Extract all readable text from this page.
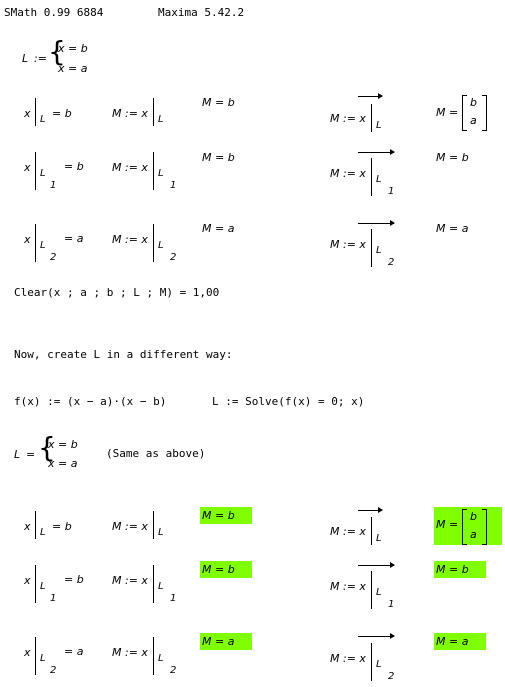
SMath 0.99 6884	Maxima 5.42.2
L := {
x = b
x = a
x L = b	M := x L
M = b
M := x
L
M =
b
a
x L
1
= b	M := x L
1
M = b
M := x L
1
M = b
x L
2
= a	M := x L
2
M = a
M := x L
2
M = a
Clear(x ; a ; b ; L ; M) = 1,00
Now, create L in a different way:
f(x) := (x − a)·(x − b)	L := Solve(f(x) = 0; x)
L = {
x = b
x = a
(Same as above)
x L = b	M := x L
M = b
M := x
L
M =
b
a
x L
1
= b	M := x L
1
M = b
M := x L
1
M = b
x L
2
= a	M := x L
2
M = a
M := x L
2
M = a
